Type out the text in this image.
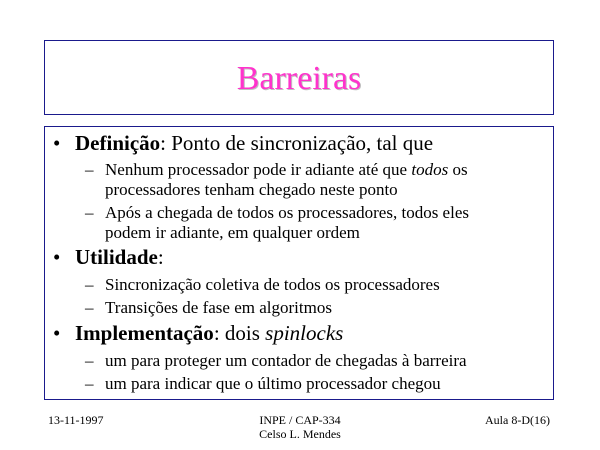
Barreiras
• Definição: Ponto de sincronização, tal que
– Nenhum processador pode ir adiante até que todos os
processadores tenham chegado neste ponto
– Após a chegada de todos os processadores, todos eles
podem ir adiante, em qualquer ordem
• Utilidade:
– Sincronização coletiva de todos os processadores
– Transições de fase em algoritmos
• Implementação: dois spinlocks
– um para proteger um contador de chegadas à barreira
– um para indicar que o último processador chegou
13-11-1997	INPE / CAP-334
Celso L. Mendes
Aula 8-D(16)
